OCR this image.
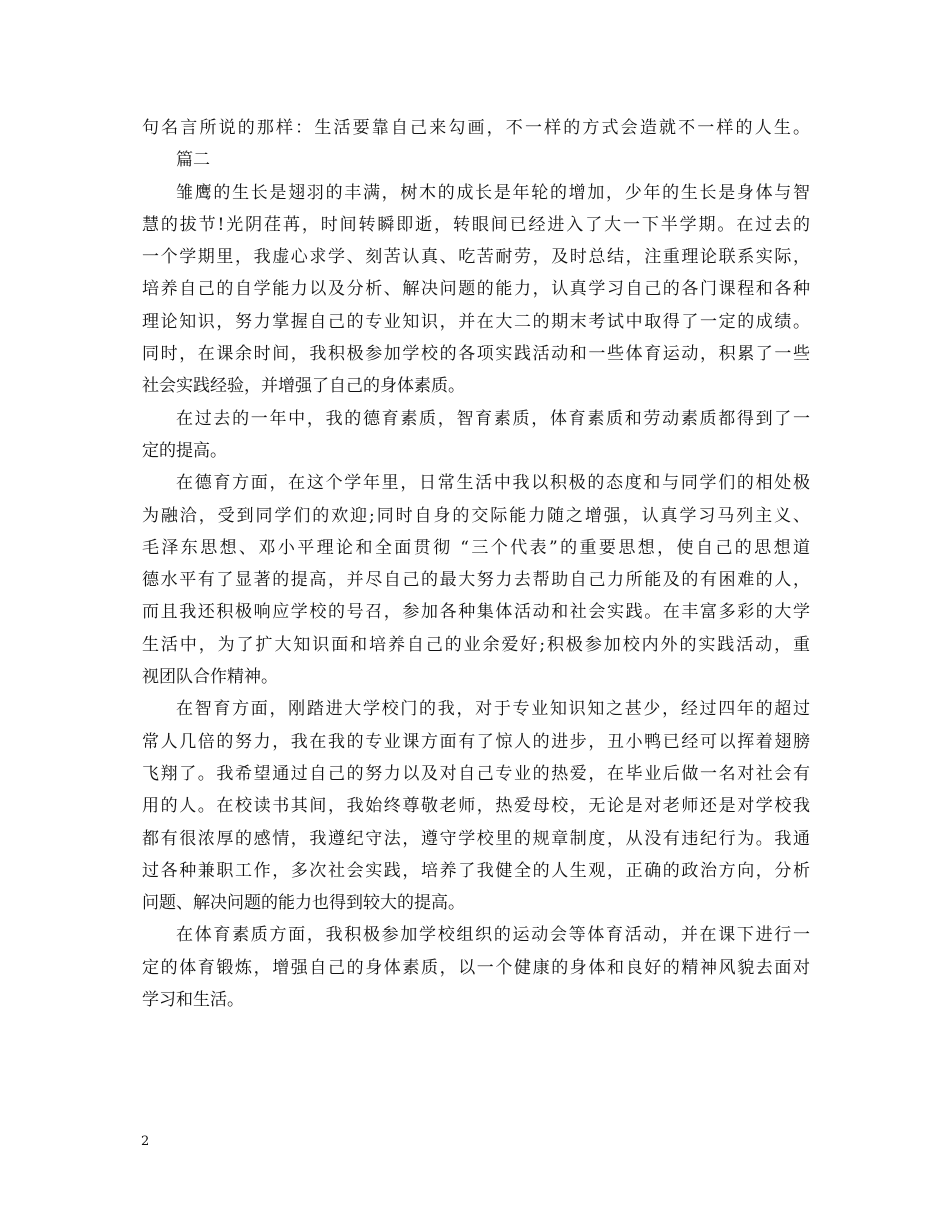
句名言所说的那样：生活要靠自己来勾画，不一样的方式会造就不一样的人生。
篇二
雏鹰的生长是翅羽的丰满，树木的成长是年轮的增加，少年的生长是身体与智
慧的拔节!光阴荏苒，时间转瞬即逝，转眼间已经进入了大一下半学期。在过去的
一个学期里，我虚心求学、刻苦认真、吃苦耐劳，及时总结，注重理论联系实际，
培养自己的自学能力以及分析、解决问题的能力，认真学习自己的各门课程和各种
理论知识，努力掌握自己的专业知识，并在大二的期末考试中取得了一定的成绩。
同时，在课余时间，我积极参加学校的各项实践活动和一些体育运动，积累了一些
社会实践经验，并增强了自己的身体素质。
在过去的一年中，我的德育素质，智育素质，体育素质和劳动素质都得到了一
定的提高。
在德育方面，在这个学年里，日常生活中我以积极的态度和与同学们的相处极
为融洽，受到同学们的欢迎;同时自身的交际能力随之增强，认真学习马列主义、
毛泽东思想、邓小平理论和全面贯彻 “三个代表”的重要思想，使自己的思想道
德水平有了显著的提高，并尽自己的最大努力去帮助自己力所能及的有困难的人，
而且我还积极响应学校的号召，参加各种集体活动和社会实践。在丰富多彩的大学
生活中，为了扩大知识面和培养自己的业余爱好;积极参加校内外的实践活动，重
视团队合作精神。
在智育方面，刚踏进大学校门的我，对于专业知识知之甚少，经过四年的超过
常人几倍的努力，我在我的专业课方面有了惊人的进步，丑小鸭已经可以挥着翅膀
飞翔了。我希望通过自己的努力以及对自己专业的热爱，在毕业后做一名对社会有
用的人。在校读书其间，我始终尊敬老师，热爱母校，无论是对老师还是对学校我
都有很浓厚的感情，我遵纪守法，遵守学校里的规章制度，从没有违纪行为。我通
过各种兼职工作，多次社会实践，培养了我健全的人生观，正确的政治方向，分析
问题、解决问题的能力也得到较大的提高。
在体育素质方面，我积极参加学校组织的运动会等体育活动，并在课下进行一
定的体育锻炼，增强自己的身体素质，以一个健康的身体和良好的精神风貌去面对
学习和生活。
2
